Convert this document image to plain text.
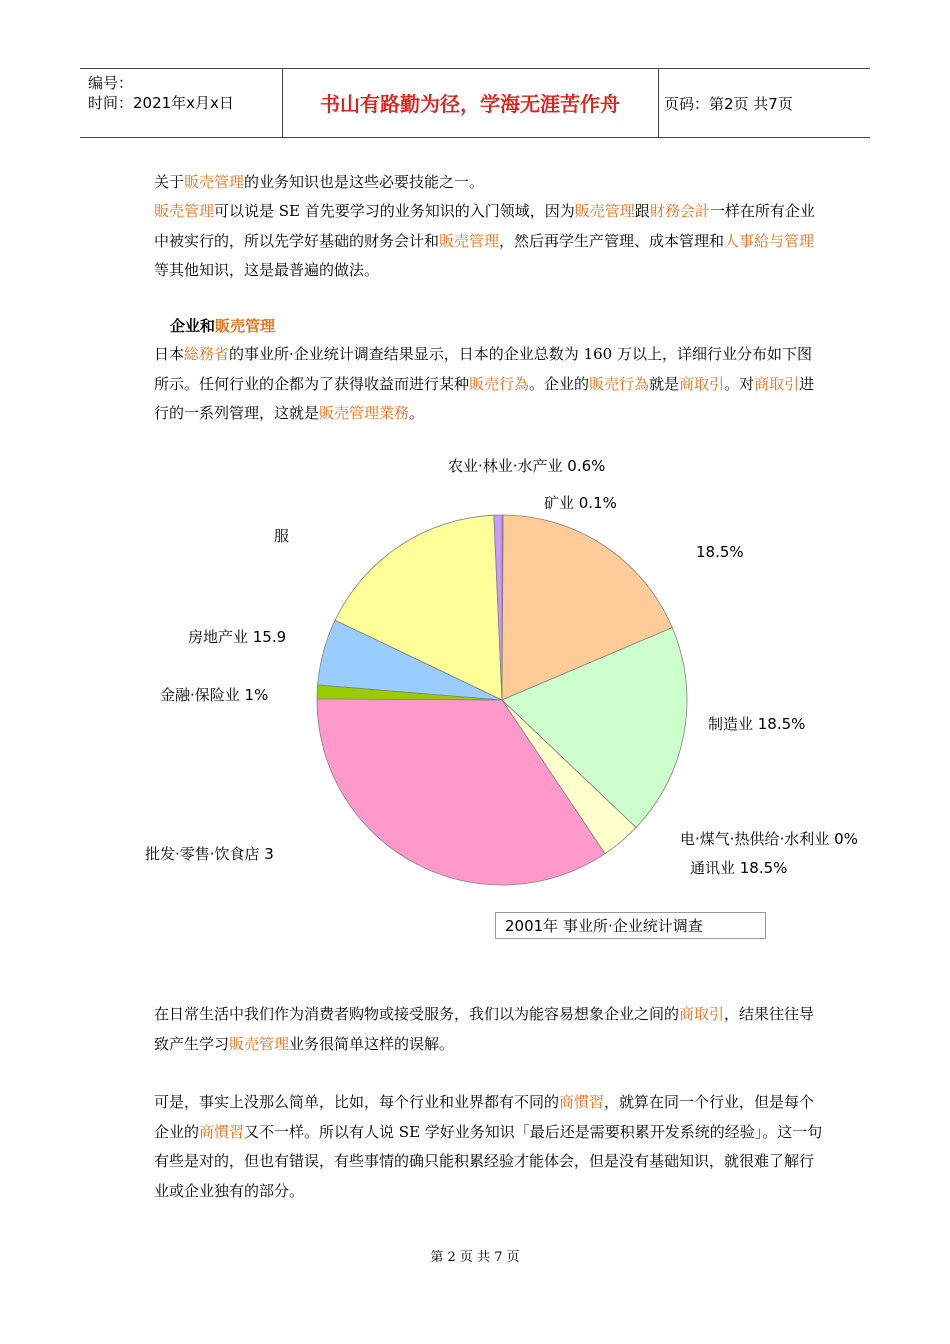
编号：
时间：2021年x月x日	书山有路勤为径，学海无涯苦作舟	页码：第2页 共7页
关于販売管理的业务知识也是这些必要技能之一。
販売管理可以说是 SE 首先要学习的业务知识的入门领域，因为販売管理跟財務会計一样在所有企业中被实行的，所以先学好基础的财务会计和販売管理，然后再学生产管理、成本管理和人事給与管理等其他知识，这是最普遍的做法。
企业和販売管理
日本総務省的事业所·企业统计调查结果显示，日本的企业总数为 160 万以上，详细行业分布如下图所示。任何行业的企都为了获得收益而进行某种販売行為。企业的販売行為就是商取引。对商取引进行的一系列管理，这就是販売管理業務。
矿业 0.1%
18.5%
制造业 18.5%
电·煤气·热供给·水利业 0%
通讯业 18.5%
批发·零售·饮食店 3
金融·保险业 1%
房地产业 15.9
服
农业·林业·水产业 0.6%
2001年 事业所·企业统计调查
在日常生活中我们作为消费者购物或接受服务，我们以为能容易想象企业之间的商取引，结果往往导致产生学习販売管理业务很简单这样的误解。
可是，事实上没那么简单，比如，每个行业和业界都有不同的商慣習，就算在同一个行业，但是每个企业的商慣習又不一样。所以有人说 SE 学好业务知识「最后还是需要积累开发系统的经验」。这一句有些是对的，但也有错误，有些事情的确只能积累经验才能体会，但是没有基础知识，就很难了解行业或企业独有的部分。
第 2 页 共 7 页
